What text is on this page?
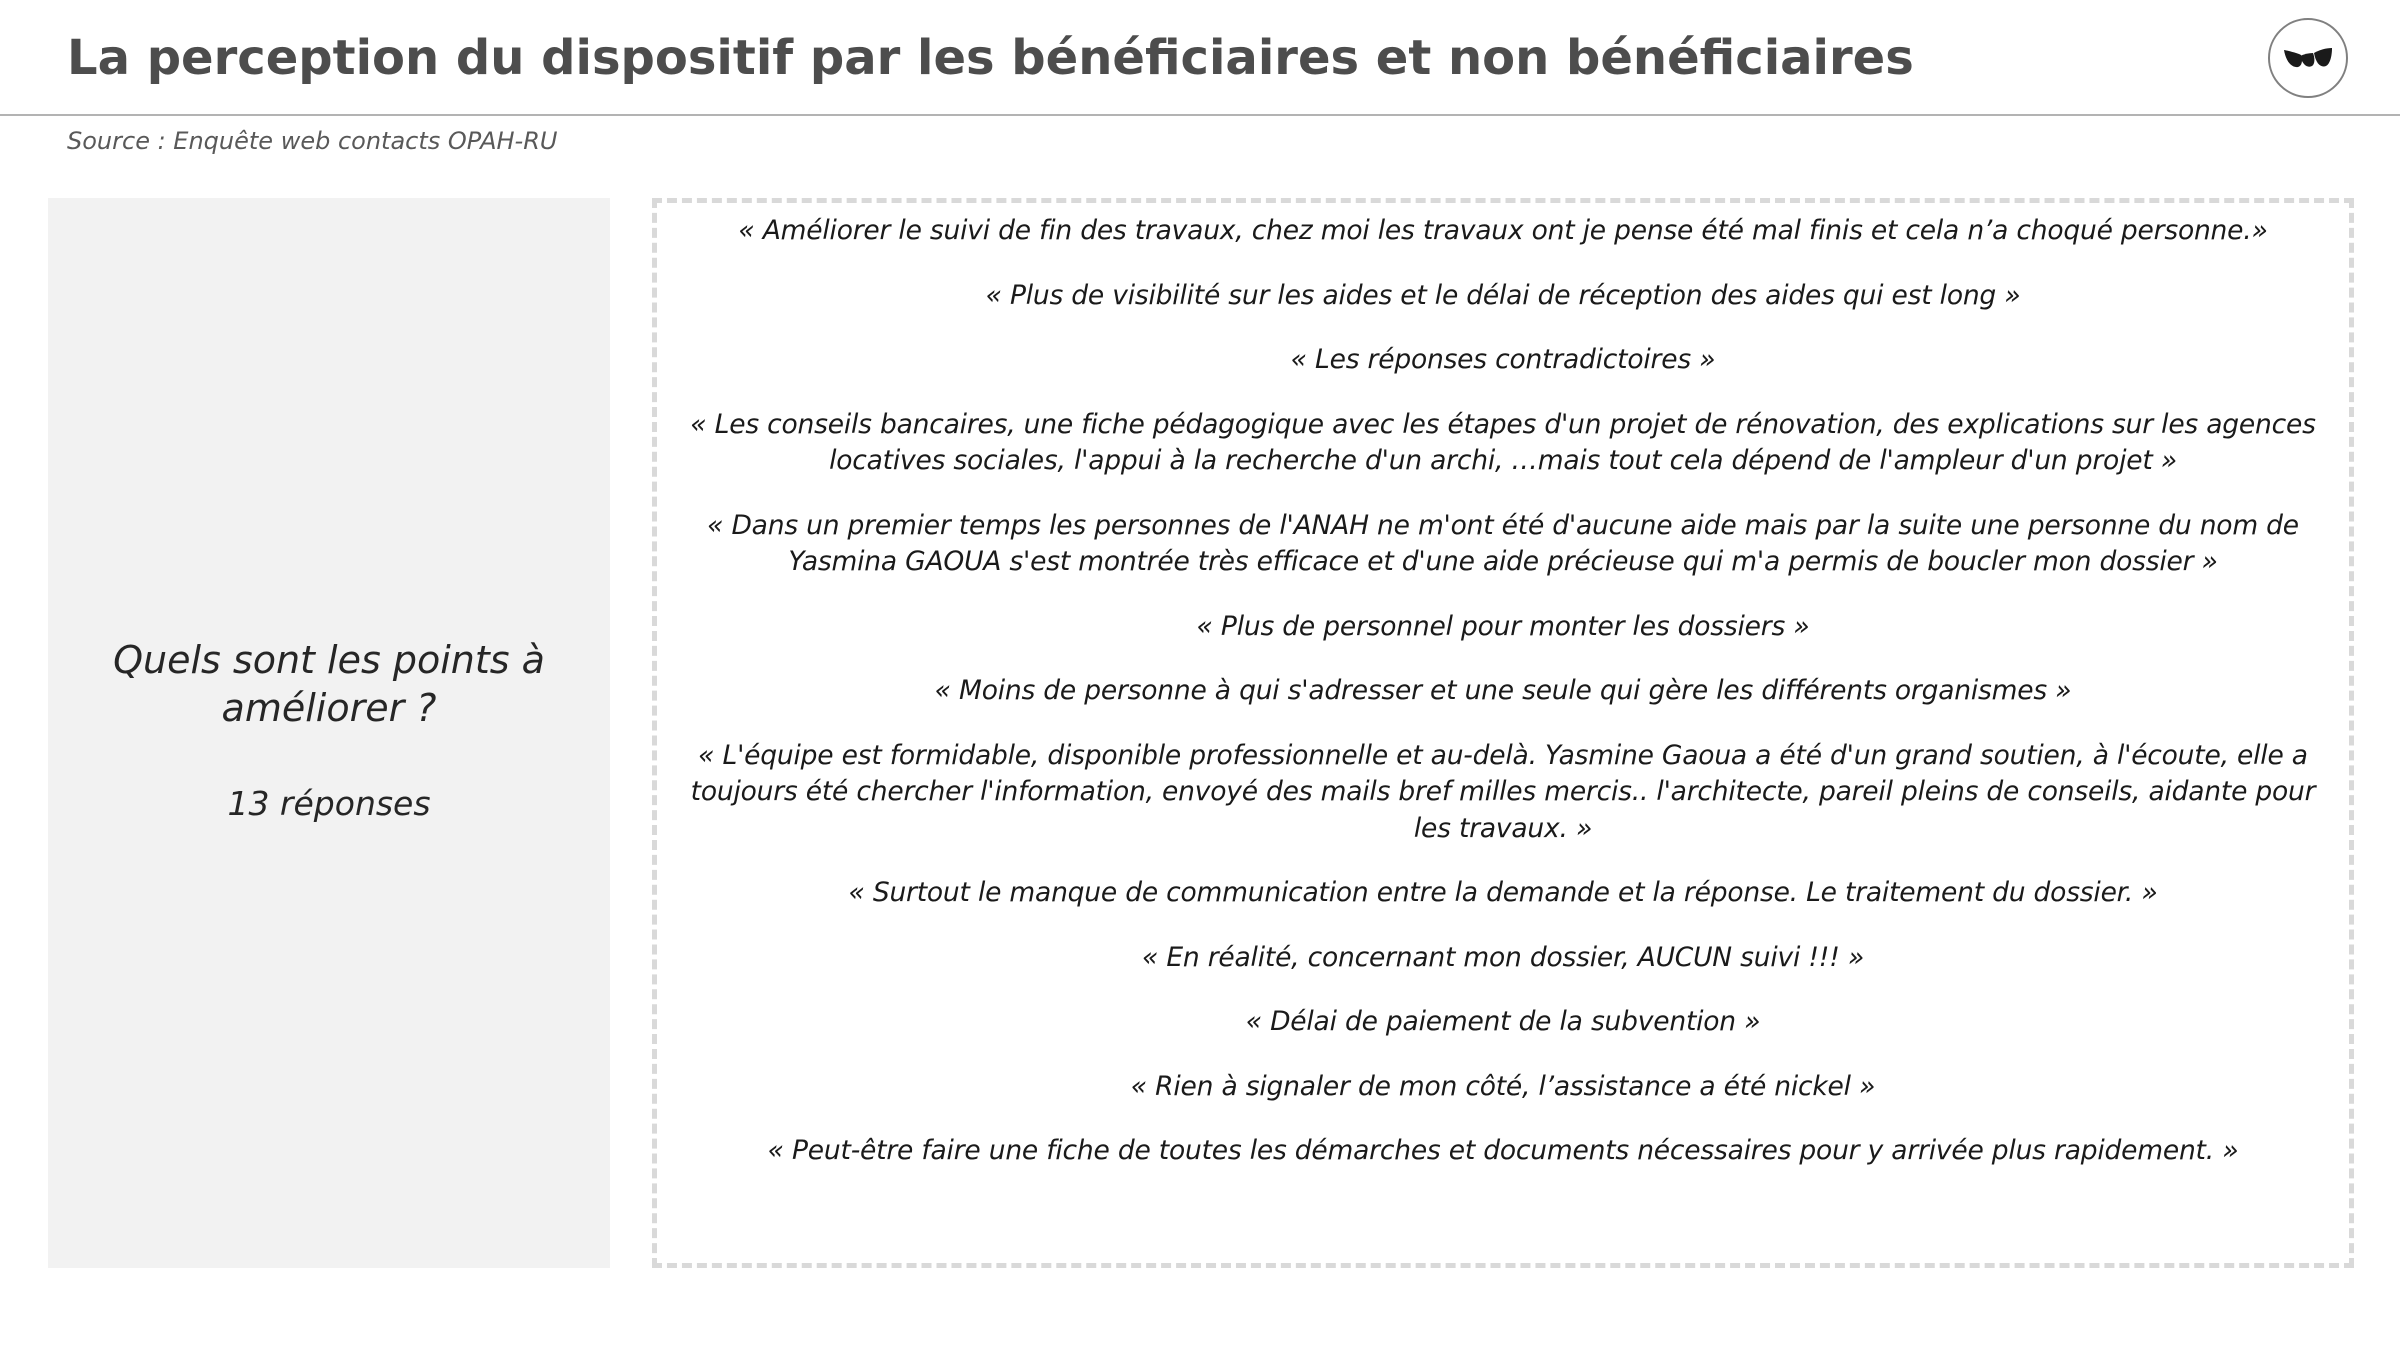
La perception du dispositif par les bénéficiaires et non bénéficiaires
Source : Enquête web contacts OPAH-RU
Quels sont les points à améliorer ?
13 réponses

« Améliorer le suivi de fin des travaux, chez moi les travaux ont je pense été mal finis et cela n’a choqué personne.»

« Plus de visibilité sur les aides et le délai de réception des aides qui est long »

« Les réponses contradictoires »

« Les conseils bancaires, une fiche pédagogique avec les étapes d'un projet de rénovation, des explications sur les agences locatives sociales, l'appui à la recherche d'un archi, …mais tout cela dépend de l'ampleur d'un projet »

« Dans un premier temps les personnes de l'ANAH ne m'ont été d'aucune aide mais par la suite une personne du nom de Yasmina GAOUA s'est montrée très efficace et d'une aide précieuse qui m'a permis de boucler mon dossier »

« Plus de personnel pour monter les dossiers »

« Moins de personne à qui s'adresser et une seule qui gère les différents organismes »

« L'équipe est formidable, disponible professionnelle et au-delà. Yasmine Gaoua a été d'un grand soutien, à l'écoute, elle a toujours été chercher l'information, envoyé des mails bref milles mercis.. l'architecte, pareil pleins de conseils, aidante pour les travaux. »

« Surtout le manque de communication entre la demande et la réponse. Le traitement du dossier. »

« En réalité, concernant mon dossier, AUCUN suivi !!! »

« Délai de paiement de la subvention »

« Rien à signaler de mon côté, l’assistance a été nickel »

« Peut-être faire une fiche de toutes les démarches et documents nécessaires pour y arrivée plus rapidement. »
